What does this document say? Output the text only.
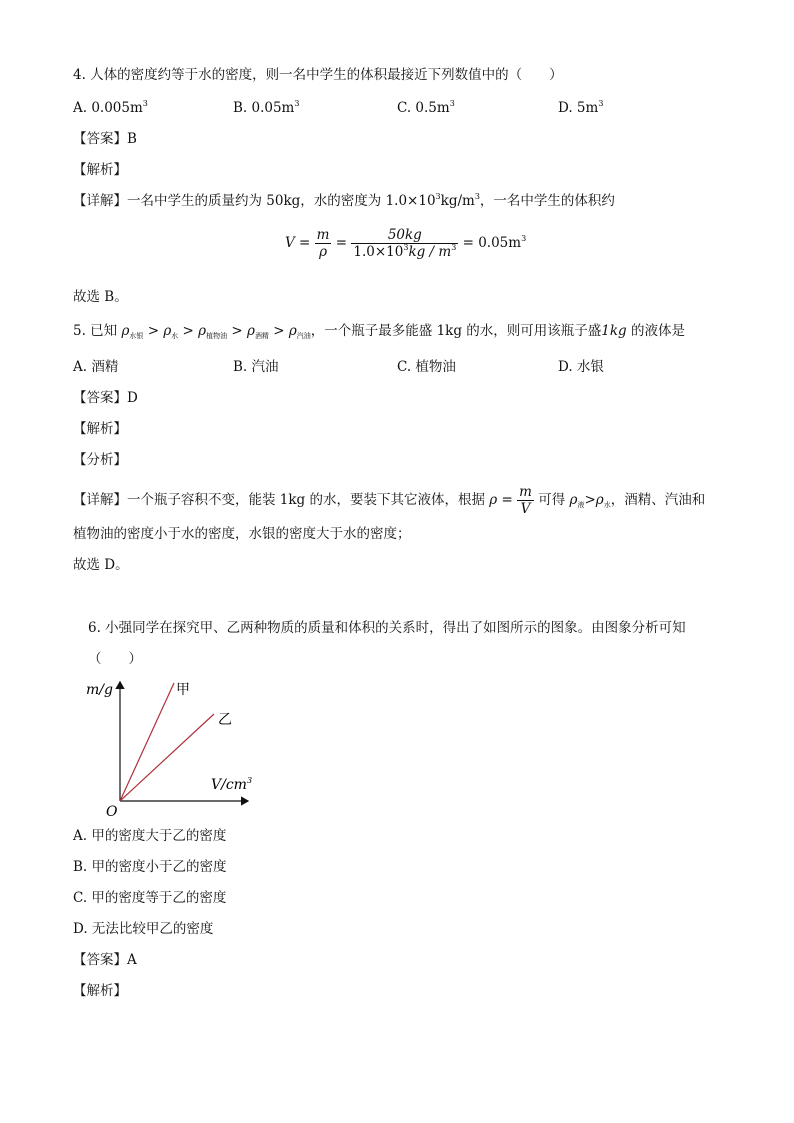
4. 人体的密度约等于水的密度，则一名中学生的体积最接近下列数值中的（　　）
A. $0.005m^3$	B. $0.05m^3$	C. $0.5m^3$	D. $5m^3$
【答案】B
【解析】
【详解】一名中学生的质量约为 50kg，水的密度为 $1.0\times 10^3kg/m^3$，一名中学生的体积约
$V = \frac{m}{\rho} = \frac{50kg}{1.0\times 10^3kg / m^3} = 0.05m^3$
故选 B。
5. 已知 $\rho_{水银} > \rho_水 > \rho_{植物油} > \rho_{酒精} > \rho_{汽油}$，一个瓶子最多能盛 1kg 的水，则可用该瓶子盛1kg 的液体是
A. 酒精	B. 汽油	C. 植物油	D. 水银
【答案】D
【解析】
【分析】
【详解】一个瓶子容积不变，能装 1kg 的水，要装下其它液体，根据 $\rho = \frac{m}{V}$ 可得 $\rho_液>\rho_水$，酒精、汽油和
植物油的密度小于水的密度，水银的密度大于水的密度；
故选 D。
6. 小强同学在探究甲、乙两种物质的质量和体积的关系时，得出了如图所示的图象。由图象分析可知
（　　）
m/g
$V/cm^3$
O
甲
乙
A. 甲的密度大于乙的密度
B. 甲的密度小于乙的密度
C. 甲的密度等于乙的密度
D. 无法比较甲乙的密度
【答案】A
【解析】
